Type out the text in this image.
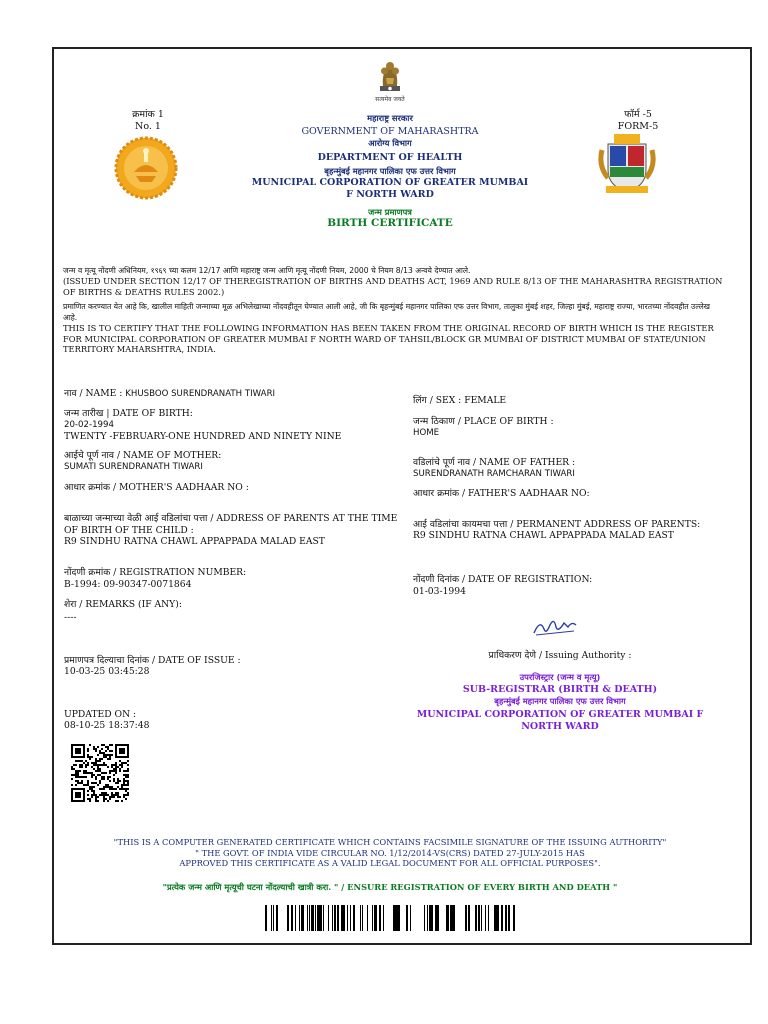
सत्यमेव जयते
क्रमांक 1
No. 1
फॉर्म -5
FORM-5
महाराष्ट्र सरकार
GOVERNMENT OF MAHARASHTRA
आरोग्य विभाग
DEPARTMENT OF HEALTH
बृहन्मुंबई महानगर पालिका एफ उत्तर विभाग
MUNICIPAL CORPORATION OF GREATER MUMBAI
F NORTH WARD
जन्म प्रमाणपत्र
BIRTH CERTIFICATE
जन्म व मृत्यू नोंदणी अधिनियम, १९६९ च्या कलम 12/17 आणि महाराष्ट्र जन्म आणि मृत्यू नोंदणी नियम, 2000 चे नियम 8/13 अन्वये देण्यात आले.
(ISSUED UNDER SECTION 12/17 OF THEREGISTRATION OF BIRTHS AND DEATHS ACT, 1969 AND RULE 8/13 OF THE MAHARASHTRA REGISTRATION OF BIRTHS & DEATHS RULES 2002.)
प्रमाणित करण्यात येत आहे कि, खालील माहिती जन्माच्या मूळ अभिलेखाच्या नोंदवहीतून घेण्यात आली आहे, जी कि बृहन्मुंबई महानगर पालिका एफ उत्तर विभाग, तालुका मुंबई शहर, जिल्हा मुंबई, महाराष्ट्र राज्या, भारतच्या नोंदवहीत उल्लेख आहे.
THIS IS TO CERTIFY THAT THE FOLLOWING INFORMATION HAS BEEN TAKEN FROM THE ORIGINAL RECORD OF BIRTH WHICH IS THE REGISTER FOR MUNICIPAL CORPORATION OF GREATER MUMBAI F NORTH WARD OF TAHSIL/BLOCK GR MUMBAI OF DISTRICT MUMBAI OF STATE/UNION TERRITORY MAHARSHTRA, INDIA.
नाव / NAME : KHUSBOO SURENDRANATH TIWARI
जन्म तारीख | DATE OF BIRTH:
20-02-1994
TWENTY -FEBRUARY-ONE HUNDRED AND NINETY NINE
आईचे पूर्ण नाव / NAME OF MOTHER:
SUMATI SURENDRANATH TIWARI
आधार क्रमांक / MOTHER'S AADHAAR NO :
बाळाच्या जन्माच्या वेळी आई वडिलांचा पत्ता / ADDRESS OF PARENTS AT THE TIME OF BIRTH OF THE CHILD :
R9 SINDHU RATNA CHAWL APPAPPADA MALAD EAST
नोंदणी क्रमांक / REGISTRATION NUMBER:
B-1994: 09-90347-0071864
शेरा / REMARKS (IF ANY):
----
प्रमाणपत्र दिल्याचा दिनांक / DATE OF ISSUE :
10-03-25 03:45:28
UPDATED ON :
08-10-25 18:37:48
लिंग / SEX : FEMALE
जन्म ठिकाण / PLACE OF BIRTH :
HOME
वडिलांचे पूर्ण नाव / NAME OF FATHER :
SURENDRANATH RAMCHARAN TIWARI
आधार क्रमांक / FATHER'S AADHAAR NO:
आई वडिलांचा कायमचा पत्ता / PERMANENT ADDRESS OF PARENTS:
R9 SINDHU RATNA CHAWL APPAPPADA MALAD EAST
नोंदणी दिनांक / DATE OF REGISTRATION:
01-03-1994
प्राधिकरण देणे / Issuing Authority :
उपरजिस्ट्रार (जन्म व मृत्यू)
SUB-REGISTRAR (BIRTH & DEATH)
बृहन्मुंबई महानगर पालिका एफ उत्तर विभाग
MUNICIPAL CORPORATION OF GREATER MUMBAI F NORTH WARD
"THIS IS A COMPUTER GENERATED CERTIFICATE WHICH CONTAINS FACSIMILE SIGNATURE OF THE ISSUING AUTHORITY"
" THE GOVT. OF INDIA VIDE CIRCULAR NO. 1/12/2014-VS(CRS) DATED 27-JULY-2015 HAS
APPROVED THIS CERTIFICATE AS A VALID LEGAL DOCUMENT FOR ALL OFFICIAL PURPOSES".
"प्रत्येक जन्म आणि मृत्यूची घटना नोंदल्याची खात्री करा. " / ENSURE REGISTRATION OF EVERY BIRTH AND DEATH "
